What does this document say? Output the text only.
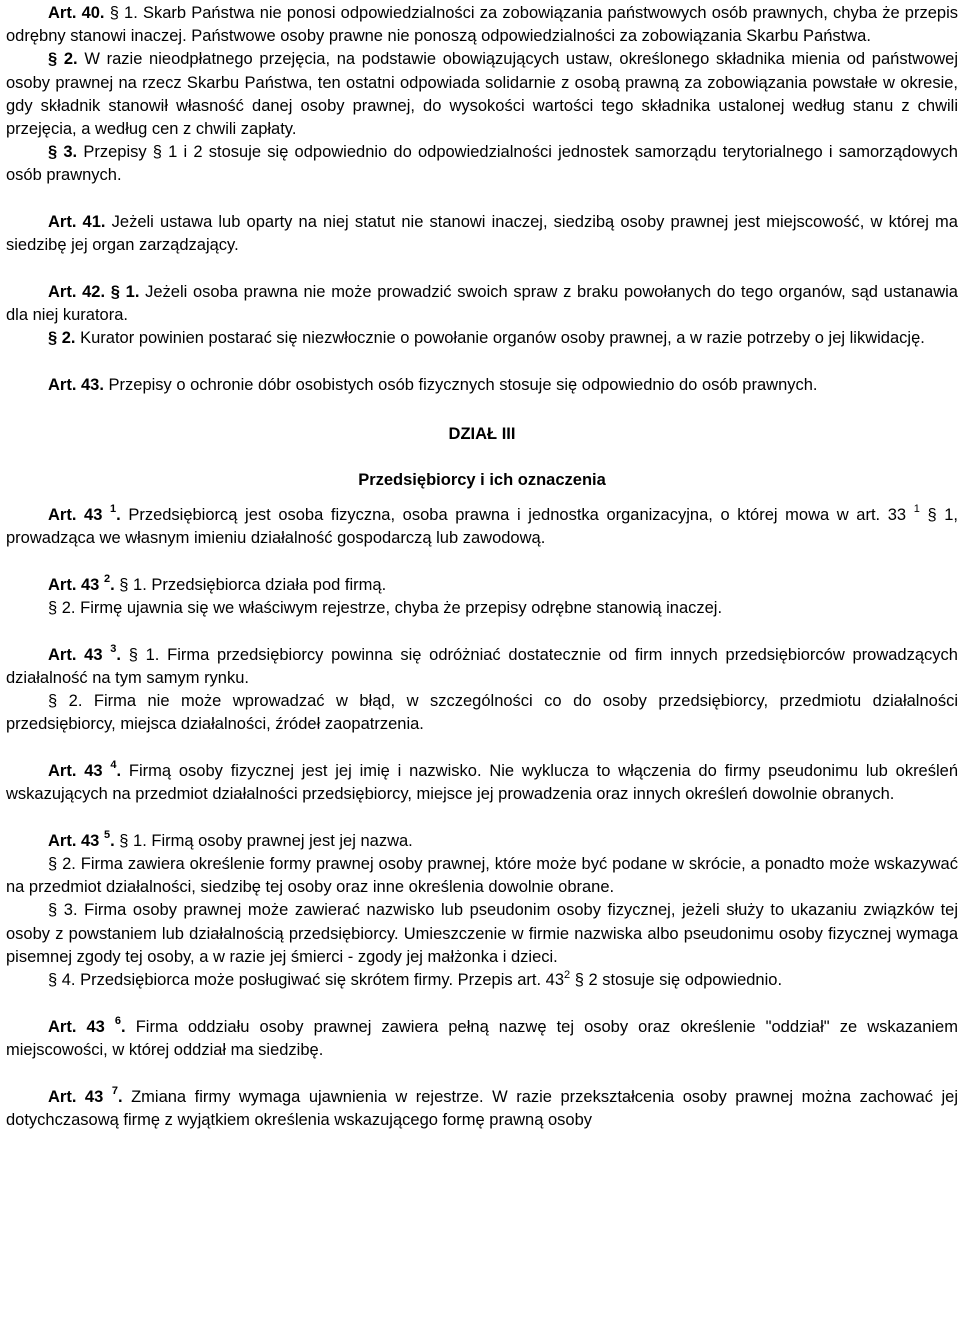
Art. 40. § 1. Skarb Państwa nie ponosi odpowiedzialności za zobowiązania państwowych osób prawnych, chyba że przepis odrębny stanowi inaczej. Państwowe osoby prawne nie ponoszą odpowiedzialności za zobowiązania Skarbu Państwa.

§ 2. W razie nieodpłatnego przejęcia, na podstawie obowiązujących ustaw, określonego składnika mienia od państwowej osoby prawnej na rzecz Skarbu Państwa, ten ostatni odpowiada solidarnie z osobą prawną za zobowiązania powstałe w okresie, gdy składnik stanowił własność danej osoby prawnej, do wysokości wartości tego składnika ustalonej według stanu z chwili przejęcia, a według cen z chwili zapłaty.

§ 3. Przepisy § 1 i 2 stosuje się odpowiednio do odpowiedzialności jednostek samorządu terytorialnego i samorządowych osób prawnych.

Art. 41. Jeżeli ustawa lub oparty na niej statut nie stanowi inaczej, siedzibą osoby prawnej jest miejscowość, w której ma siedzibę jej organ zarządzający.

Art. 42. § 1. Jeżeli osoba prawna nie może prowadzić swoich spraw z braku powołanych do tego organów, sąd ustanawia dla niej kuratora.

§ 2. Kurator powinien postarać się niezwłocznie o powołanie organów osoby prawnej, a w razie potrzeby o jej likwidację.

Art. 43. Przepisy o ochronie dóbr osobistych osób fizycznych stosuje się odpowiednio do osób prawnych.

DZIAŁ III

Przedsiębiorcy i ich oznaczenia

Art. 43 $^1$. Przedsiębiorcą jest osoba fizyczna, osoba prawna i jednostka organizacyjna, o której mowa w art. 33 $^1$ § 1, prowadząca we własnym imieniu działalność gospodarczą lub zawodową.

Art. 43 $^2$. § 1. Przedsiębiorca działa pod firmą.

§ 2. Firmę ujawnia się we właściwym rejestrze, chyba że przepisy odrębne stanowią inaczej.

Art. 43 $^3$. § 1. Firma przedsiębiorcy powinna się odróżniać dostatecznie od firm innych przedsiębiorców prowadzących działalność na tym samym rynku.

§ 2. Firma nie może wprowadzać w błąd, w szczególności co do osoby przedsiębiorcy, przedmiotu działalności przedsiębiorcy, miejsca działalności, źródeł zaopatrzenia.

Art. 43 $^4$. Firmą osoby fizycznej jest jej imię i nazwisko. Nie wyklucza to włączenia do firmy pseudonimu lub określeń wskazujących na przedmiot działalności przedsiębiorcy, miejsce jej prowadzenia oraz innych określeń dowolnie obranych.

Art. 43 $^5$. § 1. Firmą osoby prawnej jest jej nazwa.

§ 2. Firma zawiera określenie formy prawnej osoby prawnej, które może być podane w skrócie, a ponadto może wskazywać na przedmiot działalności, siedzibę tej osoby oraz inne określenia dowolnie obrane.

§ 3. Firma osoby prawnej może zawierać nazwisko lub pseudonim osoby fizycznej, jeżeli służy to ukazaniu związków tej osoby z powstaniem lub działalnością przedsiębiorcy. Umieszczenie w firmie nazwiska albo pseudonimu osoby fizycznej wymaga pisemnej zgody tej osoby, a w razie jej śmierci - zgody jej małżonka i dzieci.

§ 4. Przedsiębiorca może posługiwać się skrótem firmy. Przepis art. $43^2$ § 2 stosuje się odpowiednio.

Art. 43 $^6$. Firma oddziału osoby prawnej zawiera pełną nazwę tej osoby oraz określenie "oddział" ze wskazaniem miejscowości, w której oddział ma siedzibę.

Art. 43 $^7$. Zmiana firmy wymaga ujawnienia w rejestrze. W razie przekształcenia osoby prawnej można zachować jej dotychczasową firmę z wyjątkiem określenia wskazującego formę prawną osoby
